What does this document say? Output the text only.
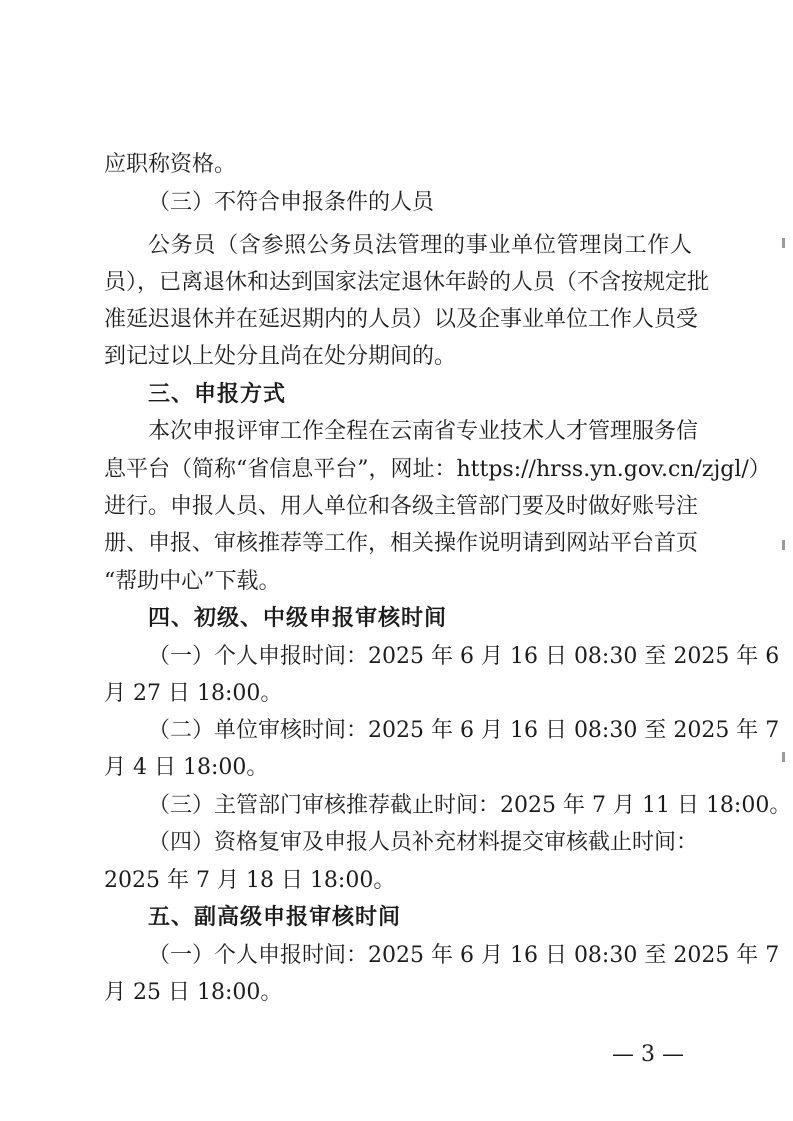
应职称资格。
（三）不符合申报条件的人员
公务员（含参照公务员法管理的事业单位管理岗工作人
员），已离退休和达到国家法定退休年龄的人员（不含按规定批
准延迟退休并在延迟期内的人员）以及企事业单位工作人员受
到记过以上处分且尚在处分期间的。
三、申报方式
本次申报评审工作全程在云南省专业技术人才管理服务信
息平台（简称“省信息平台”，网址：https://hrss.yn.gov.cn/zjgl/）
进行。申报人员、用人单位和各级主管部门要及时做好账号注
册、申报、审核推荐等工作，相关操作说明请到网站平台首页
“帮助中心”下载。
四、初级、中级申报审核时间
（一）个人申报时间：2025 年 6 月 16 日 08:30 至 2025 年 6
月 27 日 18:00。
（二）单位审核时间：2025 年 6 月 16 日 08:30 至 2025 年 7
月 4 日 18:00。
（三）主管部门审核推荐截止时间：2025 年 7 月 11 日 18:00。
（四）资格复审及申报人员补充材料提交审核截止时间：
2025 年 7 月 18 日 18:00。
五、副高级申报审核时间
（一）个人申报时间：2025 年 6 月 16 日 08:30 至 2025 年 7
月 25 日 18:00。
— 3 —
